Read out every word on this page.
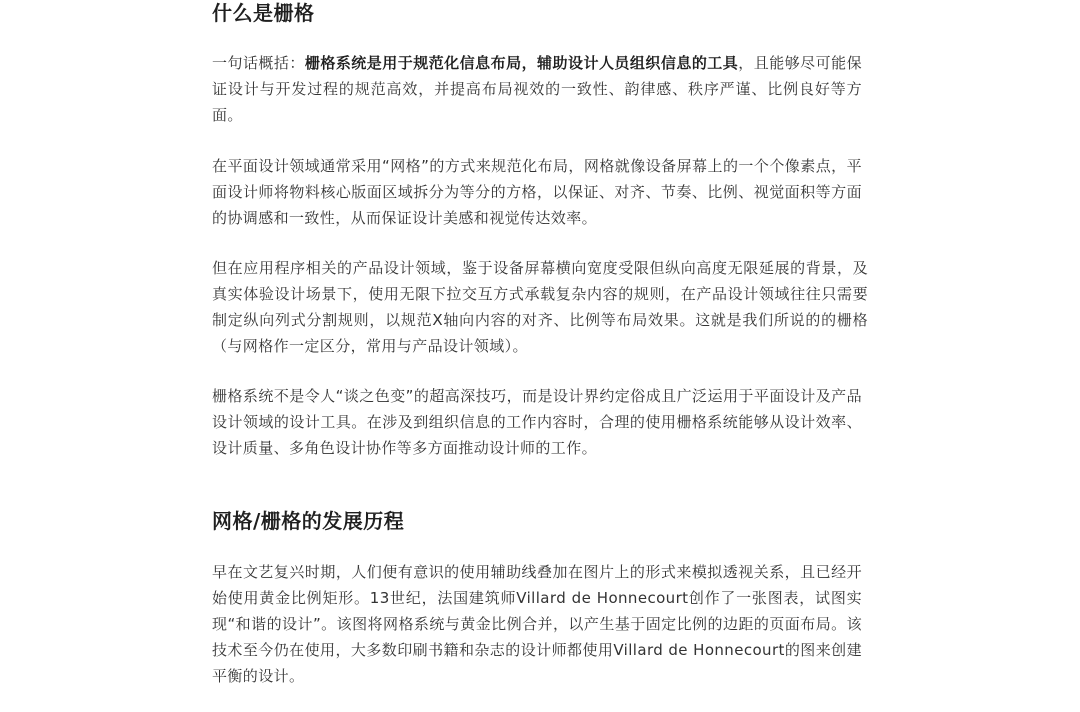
什么是栅格

一句话概括：栅格系统是用于规范化信息布局，辅助设计人员组织信息的工具，且能够尽可能保证设计与开发过程的规范高效，并提高布局视效的一致性、韵律感、秩序严谨、比例良好等方面。

在平面设计领域通常采用“网格”的方式来规范化布局，网格就像设备屏幕上的一个个像素点，平面设计师将物料核心版面区域拆分为等分的方格，以保证、对齐、节奏、比例、视觉面积等方面的协调感和一致性，从而保证设计美感和视觉传达效率。

但在应用程序相关的产品设计领域，鉴于设备屏幕横向宽度受限但纵向高度无限延展的背景，及真实体验设计场景下，使用无限下拉交互方式承载复杂内容的规则，在产品设计领域往往只需要制定纵向列式分割规则，以规范X轴向内容的对齐、比例等布局效果。这就是我们所说的的栅格（与网格作一定区分，常用与产品设计领域）。

栅格系统不是令人“谈之色变”的超高深技巧，而是设计界约定俗成且广泛运用于平面设计及产品设计领域的设计工具。在涉及到组织信息的工作内容时，合理的使用栅格系统能够从设计效率、设计质量、多角色设计协作等多方面推动设计师的工作。

网格/栅格的发展历程

早在文艺复兴时期，人们便有意识的使用辅助线叠加在图片上的形式来模拟透视关系，且已经开始使用黄金比例矩形。13世纪，法国建筑师Villard de Honnecourt创作了一张图表，试图实现“和谐的设计”。该图将网格系统与黄金比例合并，以产生基于固定比例的边距的页面布局。该技术至今仍在使用，大多数印刷书籍和杂志的设计师都使用Villard de Honnecourt的图来创建平衡的设计。
